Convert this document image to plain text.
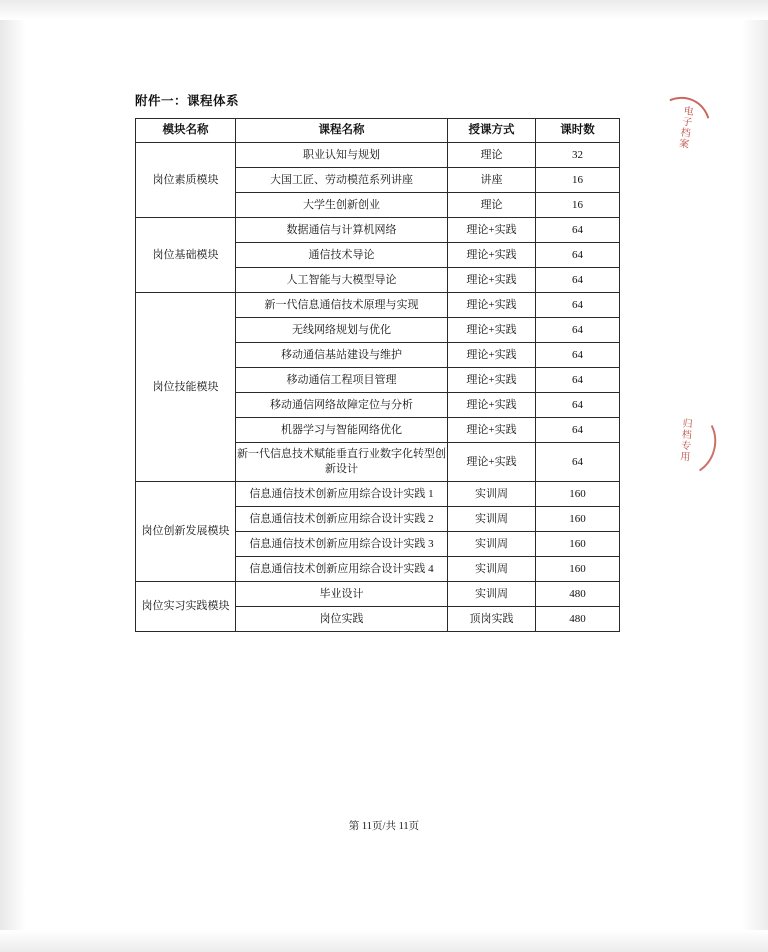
附件一：课程体系
模块名称	课程名称	授课方式	课时数
岗位素质模块	职业认知与规划	理论	32
	大国工匠、劳动模范系列讲座	讲座	16
	大学生创新创业	理论	16
岗位基础模块	数据通信与计算机网络	理论+实践	64
	通信技术导论	理论+实践	64
	人工智能与大模型导论	理论+实践	64
岗位技能模块	新一代信息通信技术原理与实现	理论+实践	64
	无线网络规划与优化	理论+实践	64
	移动通信基站建设与维护	理论+实践	64
	移动通信工程项目管理	理论+实践	64
	移动通信网络故障定位与分析	理论+实践	64
	机器学习与智能网络优化	理论+实践	64
	新一代信息技术赋能垂直行业数字化转型创新设计	理论+实践	64
岗位创新发展模块	信息通信技术创新应用综合设计实践 1	实训周	160
	信息通信技术创新应用综合设计实践 2	实训周	160
	信息通信技术创新应用综合设计实践 3	实训周	160
	信息通信技术创新应用综合设计实践 4	实训周	160
岗位实习实践模块	毕业设计	实训周	480
	岗位实践	顶岗实践	480
电子档案
归档专用
第 11页/共 11页
